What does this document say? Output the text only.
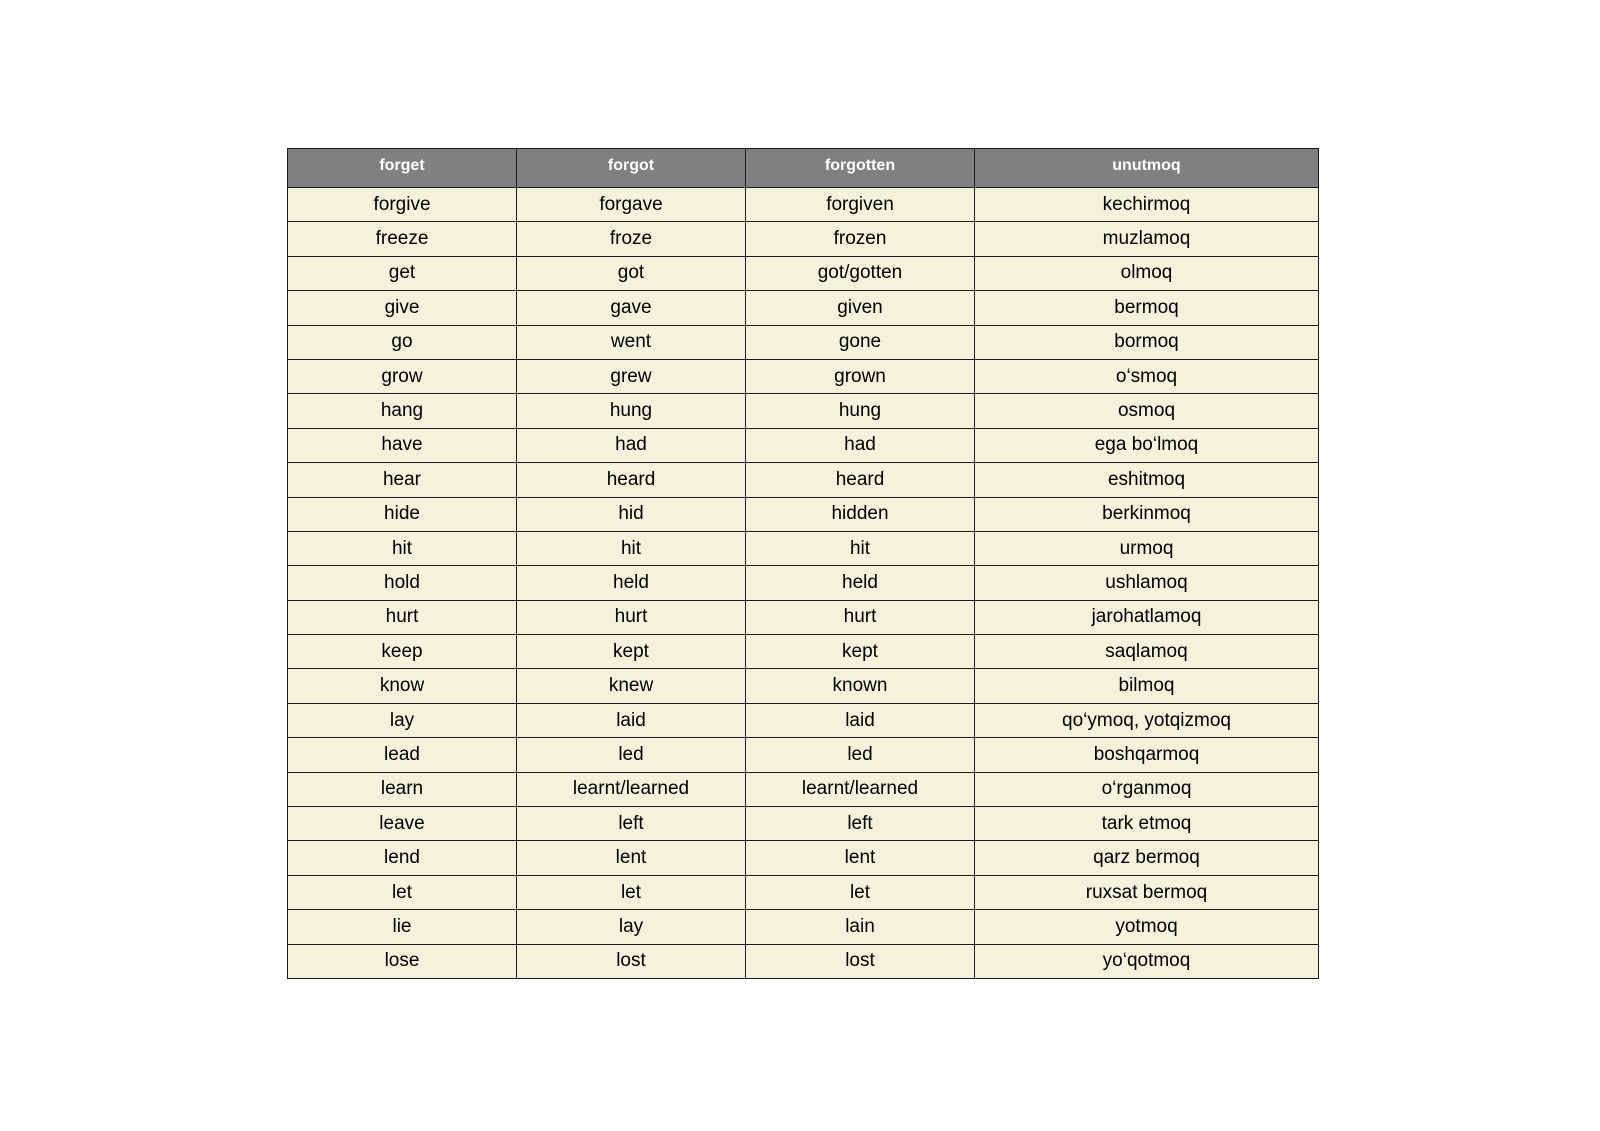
forget	forgot	forgotten	unutmoq
forgive	forgave	forgiven	kechirmoq
freeze	froze	frozen	muzlamoq
get	got	got/gotten	olmoq
give	gave	given	bermoq
go	went	gone	bormoq
grow	grew	grown	o‘smoq
hang	hung	hung	osmoq
have	had	had	ega bo‘lmoq
hear	heard	heard	eshitmoq
hide	hid	hidden	berkinmoq
hit	hit	hit	urmoq
hold	held	held	ushlamoq
hurt	hurt	hurt	jarohatlamoq
keep	kept	kept	saqlamoq
know	knew	known	bilmoq
lay	laid	laid	qo‘ymoq, yotqizmoq
lead	led	led	boshqarmoq
learn	learnt/learned	learnt/learned	o‘rganmoq
leave	left	left	tark etmoq
lend	lent	lent	qarz bermoq
let	let	let	ruxsat bermoq
lie	lay	lain	yotmoq
lose	lost	lost	yo‘qotmoq
